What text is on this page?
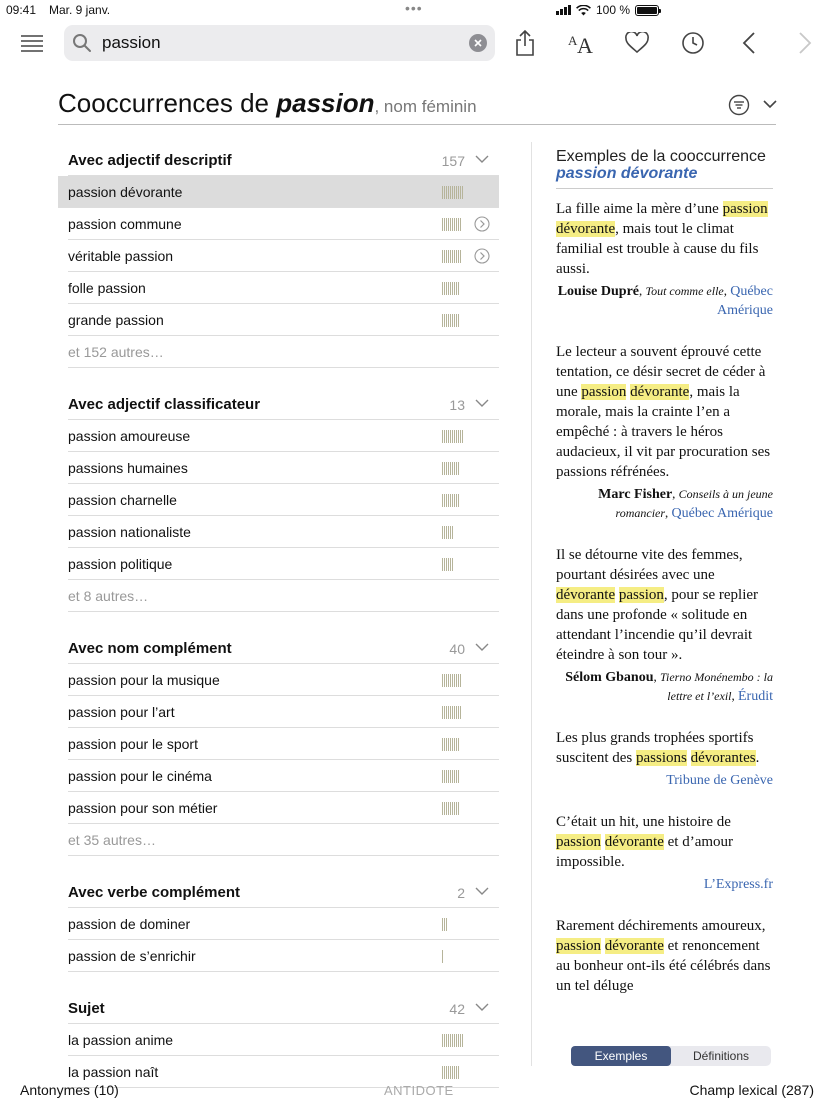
09:41 Mar. 9 janv.	•••	100 %
passion
A A
Cooccurrences de passion, nom féminin
Avec adjectif descriptif	157
passion dévorante
passion commune
véritable passion
folle passion
grande passion
et 152 autres…
Avec adjectif classificateur	13
passion amoureuse
passions humaines
passion charnelle
passion nationaliste
passion politique
et 8 autres…
Avec nom complément	40
passion pour la musique
passion pour l’art
passion pour le sport
passion pour le cinéma
passion pour son métier
et 35 autres…
Avec verbe complément	2
passion de dominer
passion de s’enrichir
Sujet	42
la passion anime
la passion naît
Exemples de la cooccurrence
passion dévorante
La fille aime la mère d’une passion dévorante, mais tout le climat familial est trouble à cause du fils aussi.
Louise Dupré, Tout comme elle, Québec Amérique
Le lecteur a souvent éprouvé cette tentation, ce désir secret de céder à une passion dévorante, mais la morale, mais la crainte l’en a empêché : à travers le héros audacieux, il vit par procuration ses passions réfrénées.
Marc Fisher, Conseils à un jeune romancier, Québec Amérique
Il se détourne vite des femmes, pourtant désirées avec une dévorante passion, pour se replier dans une profonde « solitude en attendant l’incendie qu’il devrait éteindre à son tour ».
Sélom Gbanou, Tierno Monénembo : la lettre et l’exil, Érudit
Les plus grands trophées sportifs suscitent des passions dévorantes.
Tribune de Genève
C’était un hit, une histoire de passion dévorante et d’amour impossible.
L’Express.fr
Rarement déchirements amoureux, passion dévorante et renoncement au bonheur ont-ils été célébrés dans un tel déluge
Exemples	Définitions
Antonymes (10)	ANTIDOTE	Champ lexical (287)
